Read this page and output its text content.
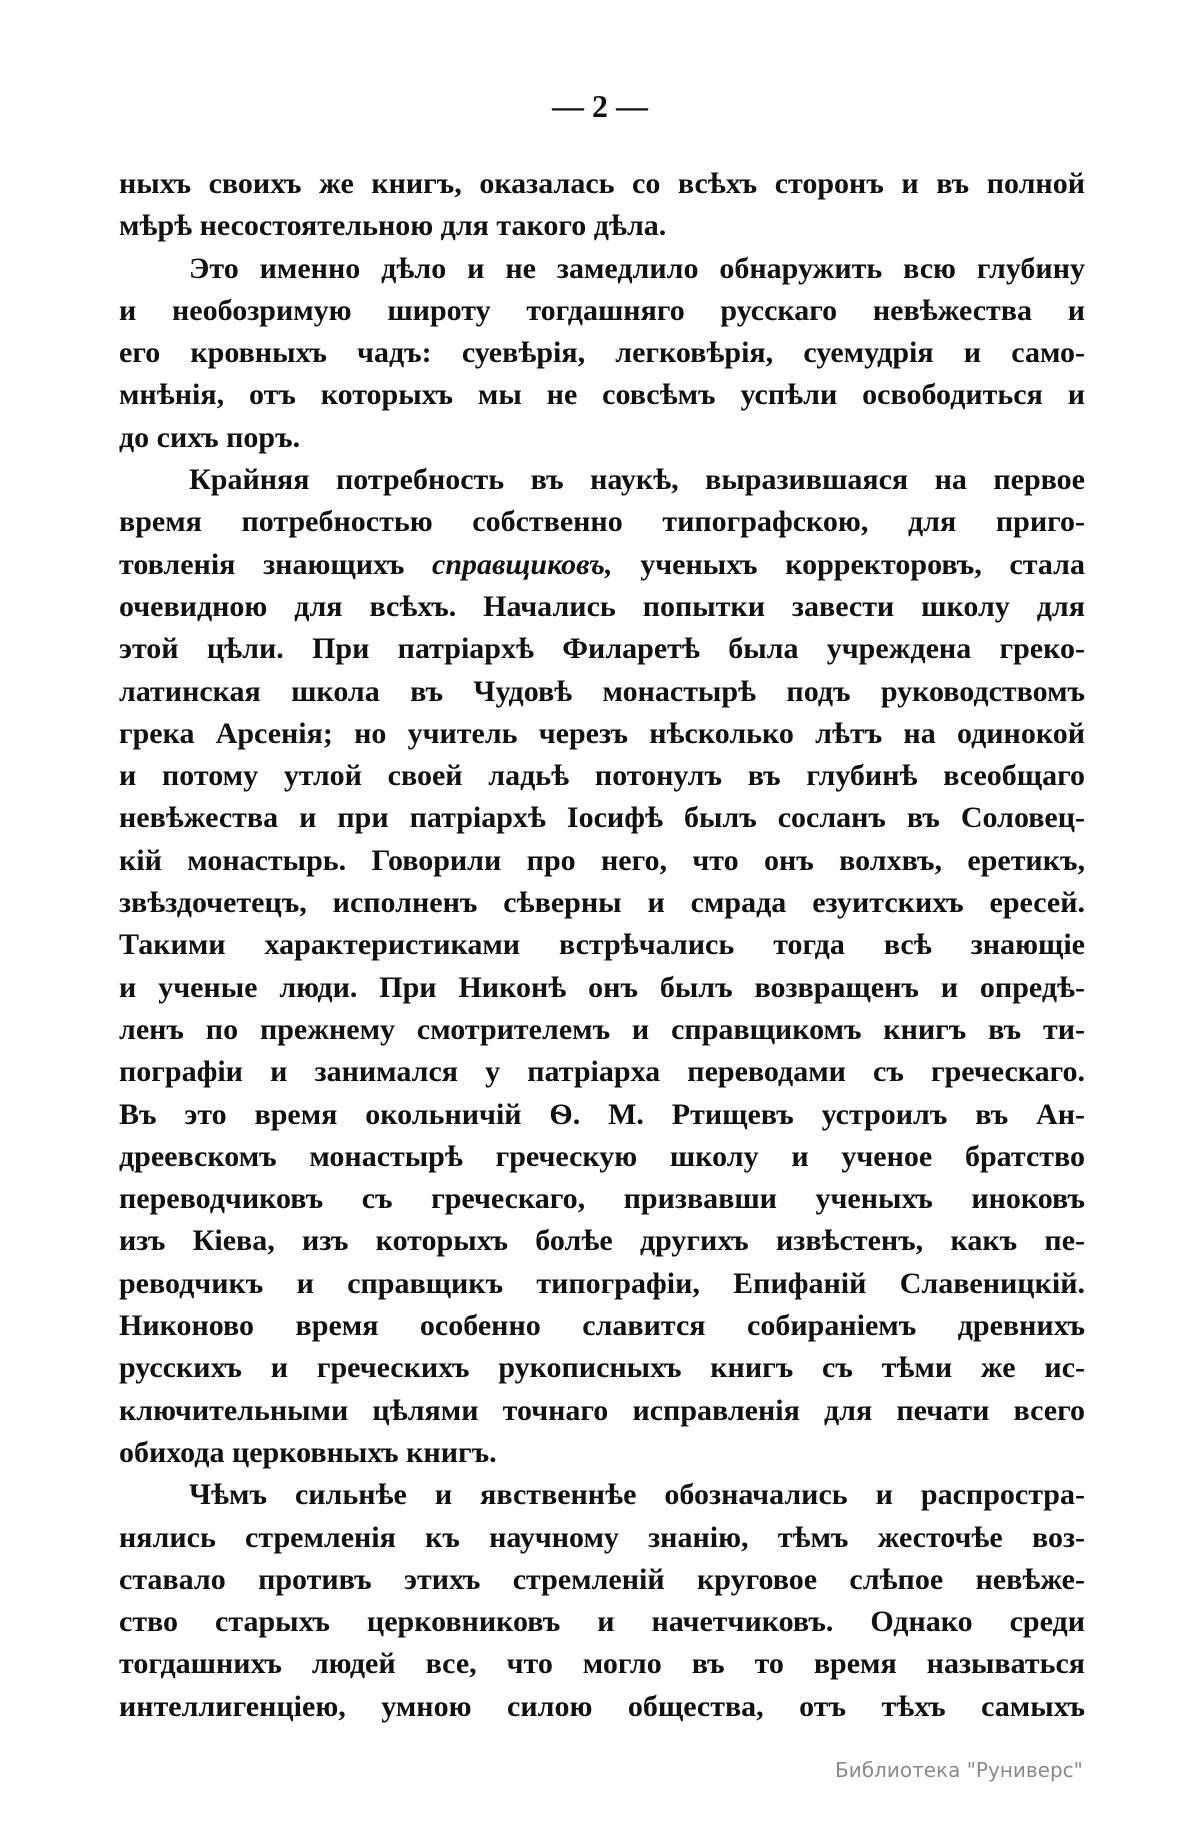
— 2 —
ныхъ своихъ же книгъ, оказалась со всѣхъ сторонъ и въ полной
мѣрѣ несостоятельною для такого дѣла.
Это именно дѣло и не замедлило обнаружить всю глубину
и необозримую широту тогдашняго русскаго невѣжества и
его кровныхъ чадъ: суевѣрія, легковѣрія, суемудрія и само-
мнѣнія, отъ которыхъ мы не совсѣмъ успѣли освободиться и
до сихъ поръ.
Крайняя потребность въ наукѣ, выразившаяся на первое
время потребностью собственно типографскою, для приго-
товленія знающихъ справщиковъ, ученыхъ корректоровъ, стала
очевидною для всѣхъ. Начались попытки завести школу для
этой цѣли. При патріархѣ Филаретѣ была учреждена греко-
латинская школа въ Чудовѣ монастырѣ подъ руководствомъ
грека Арсенія; но учитель черезъ нѣсколько лѣтъ на одинокой
и потому утлой своей ладьѣ потонулъ въ глубинѣ всеобщаго
невѣжества и при патріархѣ Іосифѣ былъ сосланъ въ Соловец-
кій монастырь. Говорили про него, что онъ волхвъ, еретикъ,
звѣздочетецъ, исполненъ сѣверны и смрада езуитскихъ ересей.
Такими характеристиками встрѣчались тогда всѣ знающіе
и ученые люди. При Никонѣ онъ былъ возвращенъ и опредѣ-
ленъ по прежнему смотрителемъ и справщикомъ книгъ въ ти-
пографіи и занимался у патріарха переводами съ греческаго.
Въ это время окольничій Ѳ. М. Ртищевъ устроилъ въ Ан-
дреевскомъ монастырѣ греческую школу и ученое братство
переводчиковъ съ греческаго, призвавши ученыхъ иноковъ
изъ Кіева, изъ которыхъ болѣе другихъ извѣстенъ, какъ пе-
реводчикъ и справщикъ типографіи, Епифаній Славеницкій.
Никоново время особенно славится собираніемъ древнихъ
русскихъ и греческихъ рукописныхъ книгъ съ тѣми же ис-
ключительными цѣлями точнаго исправленія для печати всего
обихода церковныхъ книгъ.
Чѣмъ сильнѣе и явственнѣе обозначались и распростра-
нялись стремленія къ научному знанію, тѣмъ жесточѣе воз-
ставало противъ этихъ стремленій круговое слѣпое невѣже-
ство старыхъ церковниковъ и начетчиковъ. Однако среди
тогдашнихъ людей все, что могло въ то время называться
интеллигенціею, умною силою общества, отъ тѣхъ самыхъ
Библиотека "Руниверс"
